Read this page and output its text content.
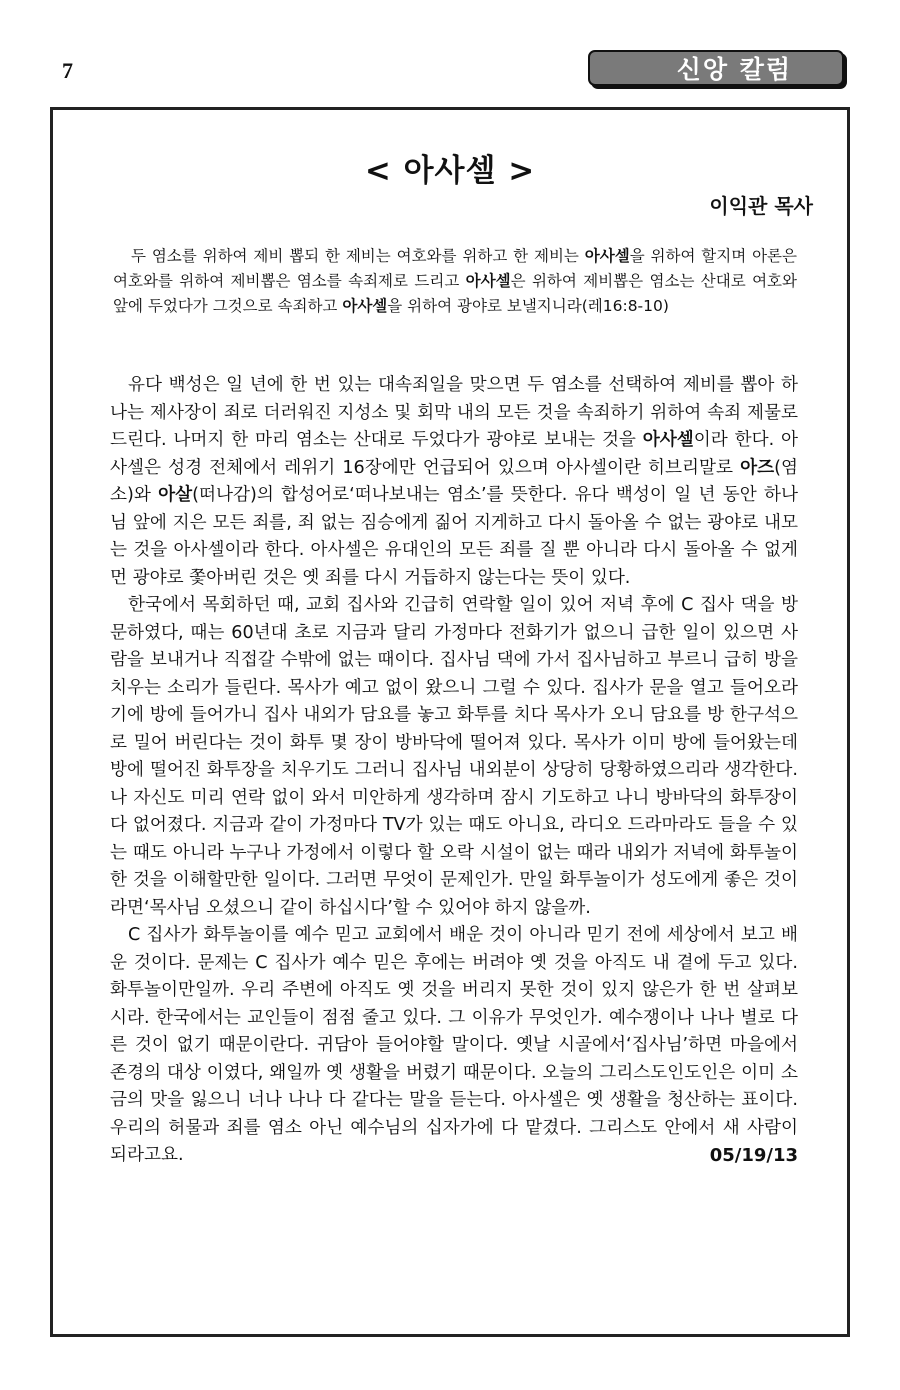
7	신앙 칼럼
< 아사셀 >
이익관 목사

두 염소를 위하여 제비 뽑되 한 제비는 여호와를 위하고 한 제비는 아사셀을 위하여 할지며 아론은 여호와를 위하여 제비뽑은 염소를 속죄제로 드리고 아사셀은 위하여 제비뽑은 염소는 산대로 여호와 앞에 두었다가 그것으로 속죄하고 아사셀을 위하여 광야로 보낼지니라(레16:8-10)

유다 백성은 일 년에 한 번 있는 대속죄일을 맞으면 두 염소를 선택하여 제비를 뽑아 하나는 제사장이 죄로 더러워진 지성소 및 회막 내의 모든 것을 속죄하기 위하여 속죄 제물로 드린다. 나머지 한 마리 염소는 산대로 두었다가 광야로 보내는 것을 아사셀이라 한다. 아사셀은 성경 전체에서 레위기 16장에만 언급되어 있으며 아사셀이란 히브리말로 아즈(염소)와 아살(떠나감)의 합성어로‘떠나보내는 염소’를 뜻한다. 유다 백성이 일 년 동안 하나님 앞에 지은 모든 죄를, 죄 없는 짐승에게 짊어 지게하고 다시 돌아올 수 없는 광야로 내모는 것을 아사셀이라 한다. 아사셀은 유대인의 모든 죄를 질 뿐 아니라 다시 돌아올 수 없게 먼 광야로 쫓아버린 것은 옛 죄를 다시 거듭하지 않는다는 뜻이 있다.

한국에서 목회하던 때, 교회 집사와 긴급히 연락할 일이 있어 저녁 후에 C 집사 댁을 방문하였다, 때는 60년대 초로 지금과 달리 가정마다 전화기가 없으니 급한 일이 있으면 사람을 보내거나 직접갈 수밖에 없는 때이다. 집사님 댁에 가서 집사님하고 부르니 급히 방을 치우는 소리가 들린다. 목사가 예고 없이 왔으니 그럴 수 있다. 집사가 문을 열고 들어오라기에 방에 들어가니 집사 내외가 담요를 놓고 화투를 치다 목사가 오니 담요를 방 한구석으로 밀어 버린다는 것이 화투 몇 장이 방바닥에 떨어져 있다. 목사가 이미 방에 들어왔는데 방에 떨어진 화투장을 치우기도 그러니 집사님 내외분이 상당히 당황하였으리라 생각한다. 나 자신도 미리 연락 없이 와서 미안하게 생각하며 잠시 기도하고 나니 방바닥의 화투장이 다 없어졌다. 지금과 같이 가정마다 TV가 있는 때도 아니요, 라디오 드라마라도 들을 수 있는 때도 아니라 누구나 가정에서 이렇다 할 오락 시설이 없는 때라 내외가 저녁에 화투놀이 한 것을 이해할만한 일이다. 그러면 무엇이 문제인가. 만일 화투놀이가 성도에게 좋은 것이라면‘목사님 오셨으니 같이 하십시다’할 수 있어야 하지 않을까.

C 집사가 화투놀이를 예수 믿고 교회에서 배운 것이 아니라 믿기 전에 세상에서 보고 배운 것이다. 문제는 C 집사가 예수 믿은 후에는 버려야 옛 것을 아직도 내 곁에 두고 있다. 화투놀이만일까. 우리 주변에 아직도 옛 것을 버리지 못한 것이 있지 않은가 한 번 살펴보시라. 한국에서는 교인들이 점점 줄고 있다. 그 이유가 무엇인가. 예수쟁이나 나나 별로 다른 것이 없기 때문이란다. 귀담아 들어야할 말이다. 옛날 시골에서‘집사님’하면 마을에서 존경의 대상 이였다, 왜일까 옛 생활을 버렸기 때문이다. 오늘의 그리스도인도인은 이미 소금의 맛을 잃으니 너나 나나 다 같다는 말을 듣는다. 아사셀은 옛 생활을 청산하는 표이다. 우리의 허물과 죄를 염소 아닌 예수님의 십자가에 다 맡겼다. 그리스도 안에서 새 사람이 되라고요.	05/19/13
